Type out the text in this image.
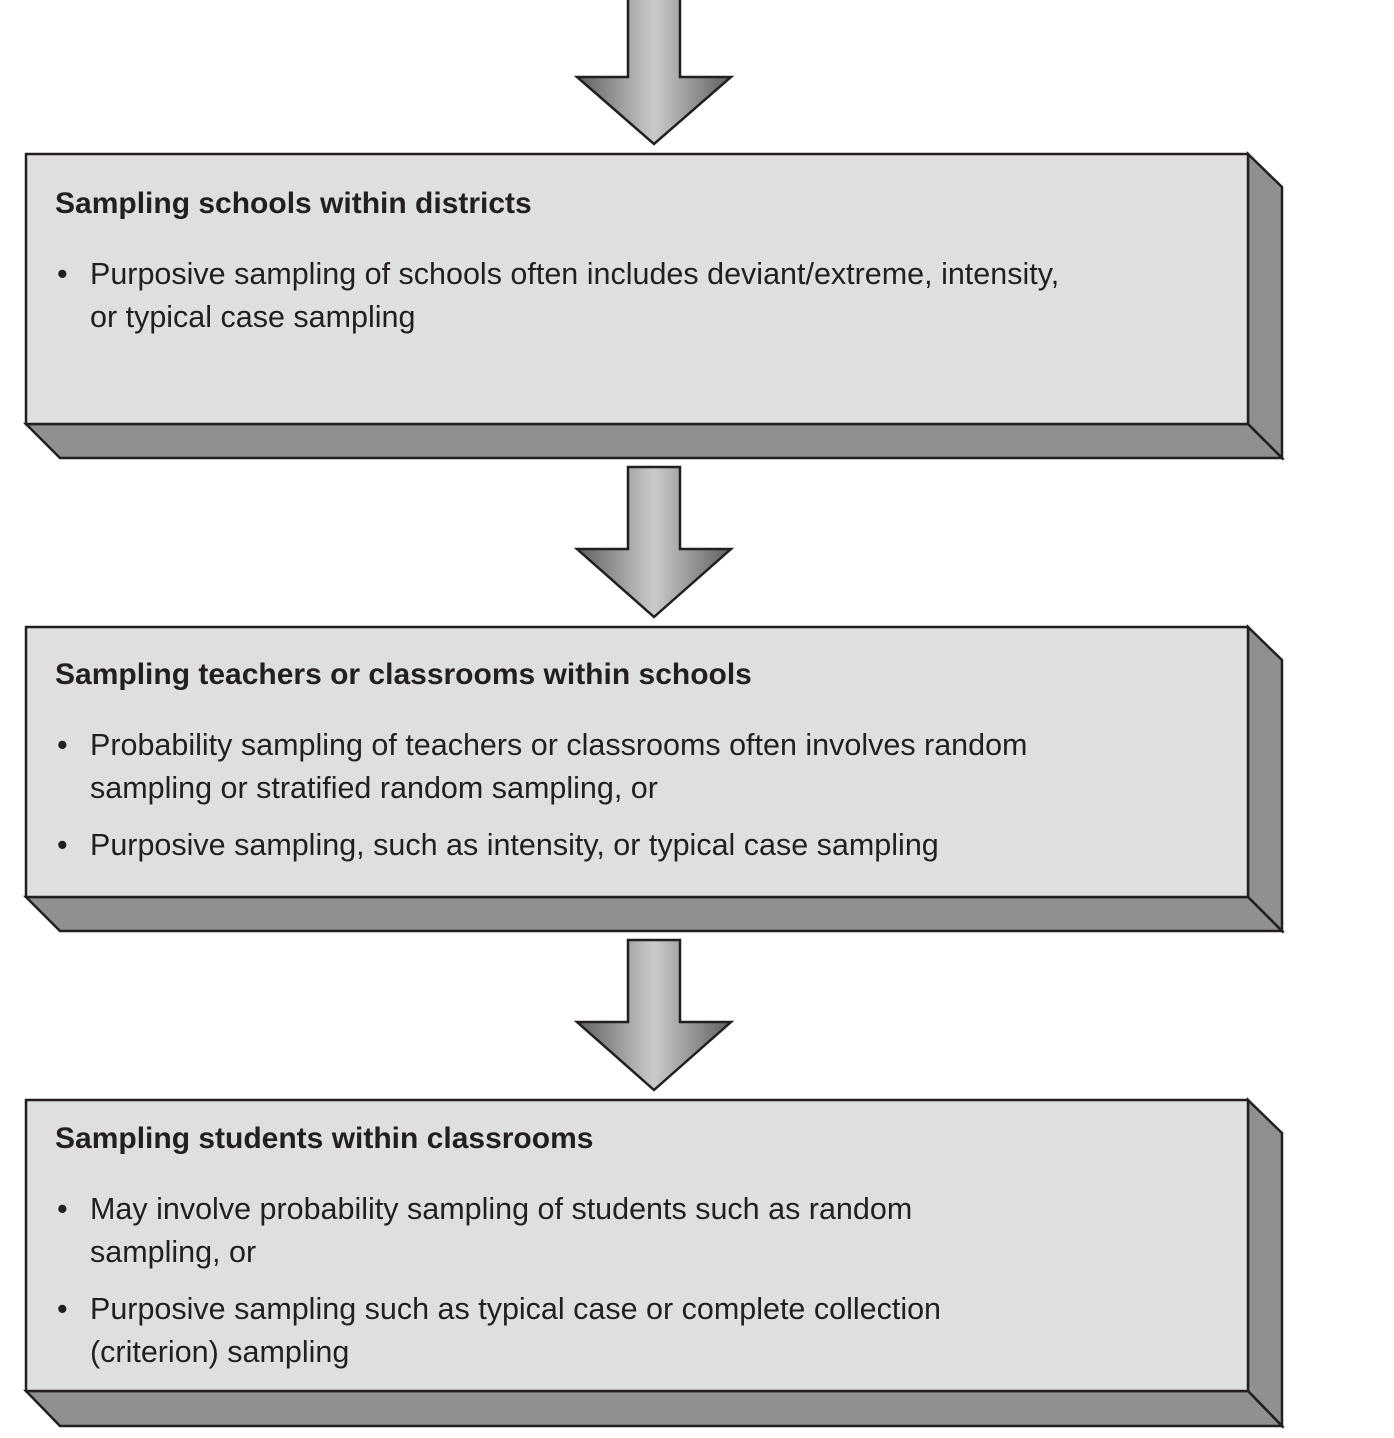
Sampling schools within districts
• Purposive sampling of schools often includes deviant/extreme, intensity,
or typical case sampling
Sampling teachers or classrooms within schools
• Probability sampling of teachers or classrooms often involves random
sampling or stratified random sampling, or
• Purposive sampling, such as intensity, or typical case sampling
Sampling students within classrooms
• May involve probability sampling of students such as random
sampling, or
• Purposive sampling such as typical case or complete collection
(criterion) sampling
